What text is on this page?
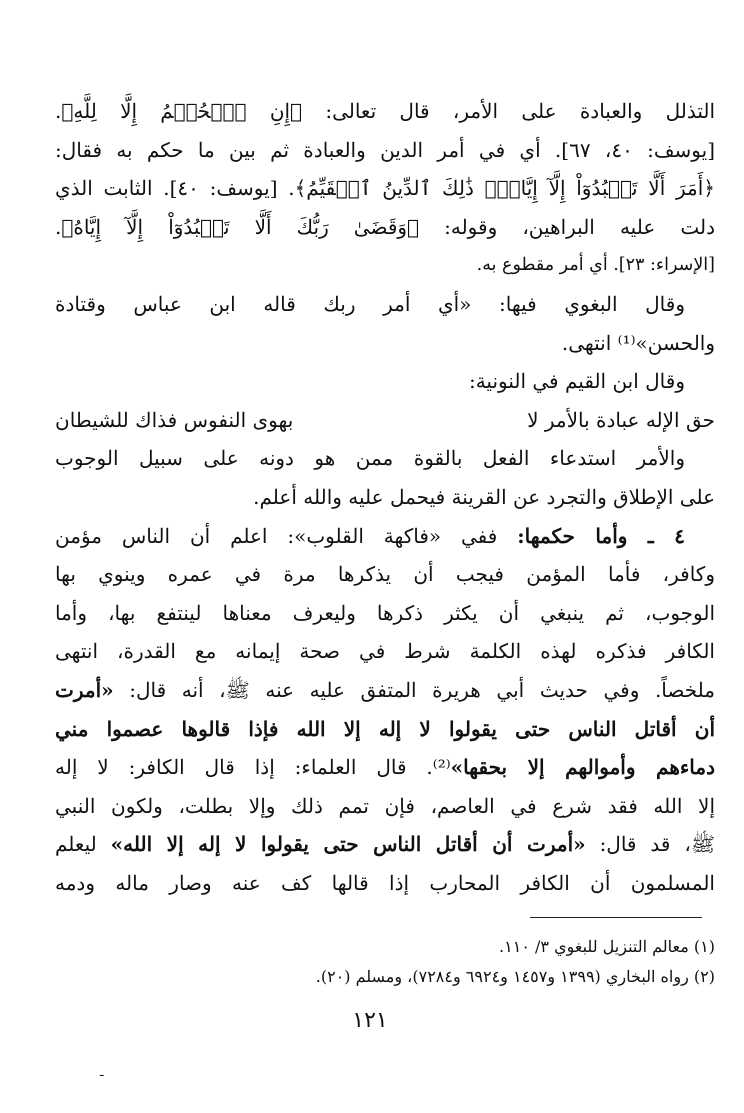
التذلل والعبادة على الأمر، قال تعالى: ﴿إِنِ ٱلۡحُكۡمُ إِلَّا لِلَّهِ﴾.
[يوسف: ٤٠، ٦٧]. أي في أمر الدين والعبادة ثم بين ما حكم به فقال:
﴿أَمَرَ أَلَّا تَعۡبُدُوٓاْ إِلَّآ إِيَّاهُۚ ذَٰلِكَ ٱلدِّينُ ٱلۡقَيِّمُ﴾. [يوسف: ٤٠]. الثابت الذي
دلت عليه البراهين، وقوله: ﴿وَقَضَىٰ رَبُّكَ أَلَّا تَعۡبُدُوٓاْ إِلَّآ إِيَّاهُ﴾.
[الإسراء: ٢٣]. أي أمر مقطوع به.
وقال البغوي فيها: «أي أمر ربك قاله ابن عباس وقتادة
والحسن»⁽¹⁾ انتهى.
وقال ابن القيم في النونية:
حق الإله عبادة بالأمر لا
بهوى النفوس فذاك للشيطان
والأمر استدعاء الفعل بالقوة ممن هو دونه على سبيل الوجوب
على الإطلاق والتجرد عن القرينة فيحمل عليه والله أعلم.
٤ ـ وأما حكمها: ففي «فاكهة القلوب»: اعلم أن الناس مؤمن
وكافر، فأما المؤمن فيجب أن يذكرها مرة في عمره وينوي بها
الوجوب، ثم ينبغي أن يكثر ذكرها وليعرف معناها لينتفع بها، وأما
الكافر فذكره لهذه الكلمة شرط في صحة إيمانه مع القدرة، انتهى
ملخصاً. وفي حديث أبي هريرة المتفق عليه عنه ﷺ، أنه قال: «أمرت
أن أقاتل الناس حتى يقولوا لا إله إلا الله فإذا قالوها عصموا مني
دماءهم وأموالهم إلا بحقها»⁽²⁾. قال العلماء: إذا قال الكافر: لا إله
إلا الله فقد شرع في العاصم، فإن تمم ذلك وإلا بطلت، ولكون النبي
ﷺ، قد قال: «أمرت أن أقاتل الناس حتى يقولوا لا إله إلا الله» ليعلم
المسلمون أن الكافر المحارب إذا قالها كف عنه وصار ماله ودمه
(١) معالم التنزيل للبغوي ٣/ ١١٠.
(٢) رواه البخاري (١٣٩٩ و١٤٥٧ و٦٩٢٤ و٧٢٨٤)، ومسلم (٢٠).
١٢١
ـ
